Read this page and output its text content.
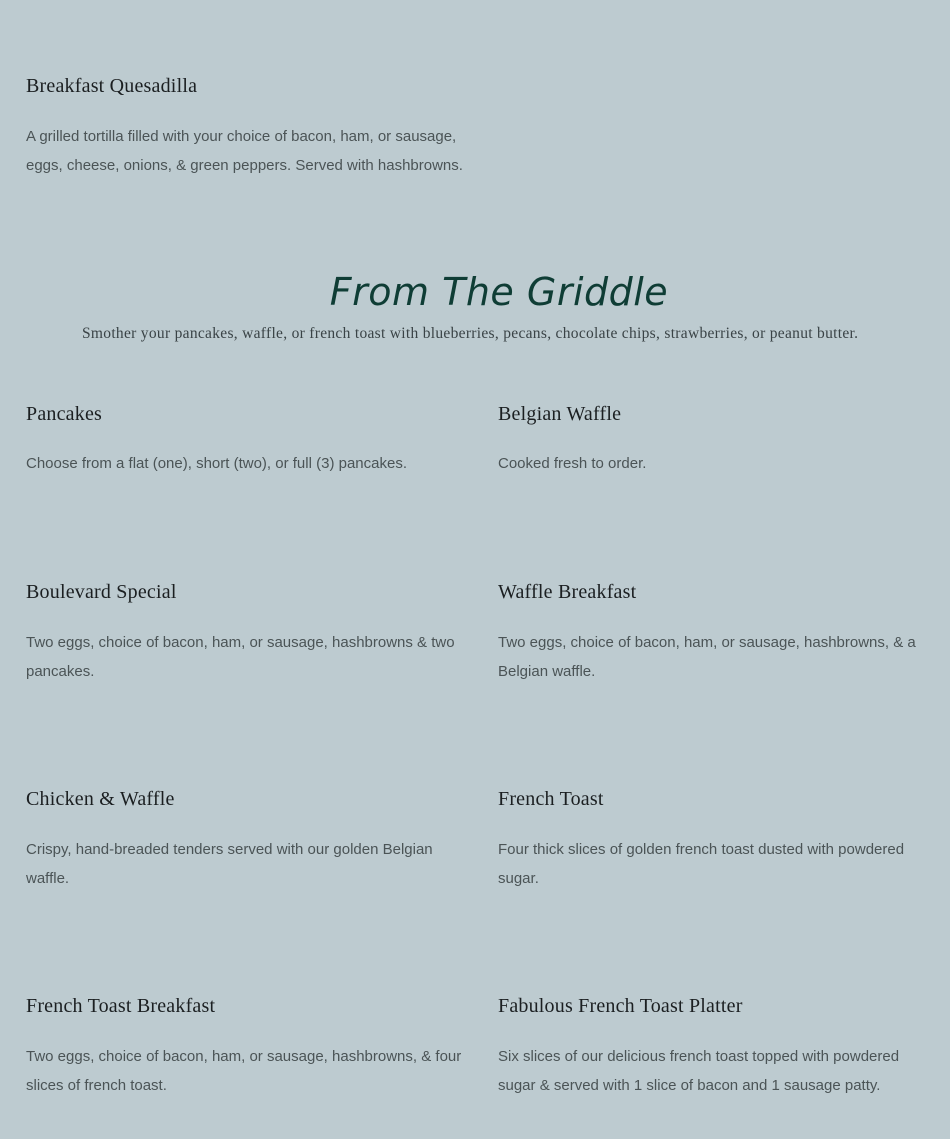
Breakfast Quesadilla

A grilled tortilla filled with your choice of bacon, ham, or sausage, eggs, cheese, onions, & green peppers. Served with hashbrowns.

From The Griddle

Smother your pancakes, waffle, or french toast with blueberries, pecans, chocolate chips, strawberries, or peanut butter.

Pancakes

Choose from a flat (one), short (two), or full (3) pancakes.

Belgian Waffle

Cooked fresh to order.

Boulevard Special

Two eggs, choice of bacon, ham, or sausage, hashbrowns & two pancakes.

Waffle Breakfast

Two eggs, choice of bacon, ham, or sausage, hashbrowns, & a Belgian waffle.

Chicken & Waffle

Crispy, hand-breaded tenders served with our golden Belgian waffle.

French Toast

Four thick slices of golden french toast dusted with powdered sugar.

French Toast Breakfast

Two eggs, choice of bacon, ham, or sausage, hashbrowns, & four slices of french toast.

Fabulous French Toast Platter

Six slices of our delicious french toast topped with powdered sugar & served with 1 slice of bacon and 1 sausage patty.
